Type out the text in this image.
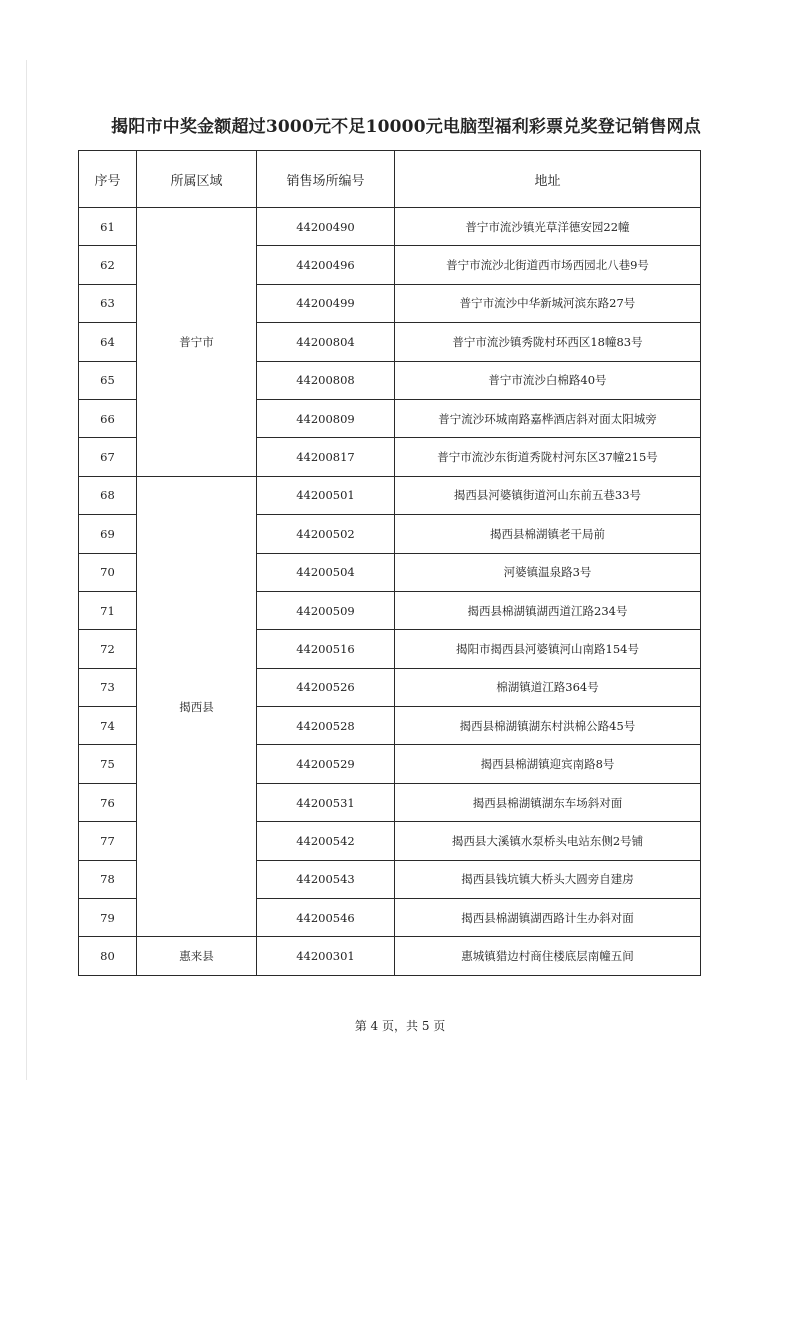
揭阳市中奖金额超过3000元不足10000元电脑型福利彩票兑奖登记销售网点
序号	所属区域	销售场所编号	地址
61	普宁市	44200490	普宁市流沙镇光草洋德安园22幢
62		44200496	普宁市流沙北街道西市场西园北八巷9号
63		44200499	普宁市流沙中华新城河滨东路27号
64		44200804	普宁市流沙镇秀陇村环西区18幢83号
65		44200808	普宁市流沙白棉路40号
66		44200809	普宁流沙环城南路嘉桦酒店斜对面太阳城旁
67		44200817	普宁市流沙东街道秀陇村河东区37幢215号
68	揭西县	44200501	揭西县河婆镇街道河山东前五巷33号
69		44200502	揭西县棉湖镇老干局前
70		44200504	河婆镇温泉路3号
71		44200509	揭西县棉湖镇湖西道江路234号
72		44200516	揭阳市揭西县河婆镇河山南路154号
73		44200526	棉湖镇道江路364号
74		44200528	揭西县棉湖镇湖东村洪棉公路45号
75		44200529	揭西县棉湖镇迎宾南路8号
76		44200531	揭西县棉湖镇湖东车场斜对面
77		44200542	揭西县大溪镇水泵桥头电站东侧2号铺
78		44200543	揭西县钱坑镇大桥头大圆旁自建房
79		44200546	揭西县棉湖镇湖西路计生办斜对面
80	惠来县	44200301	惠城镇猎边村商住楼底层南幢五间
第 4 页，共 5 页
